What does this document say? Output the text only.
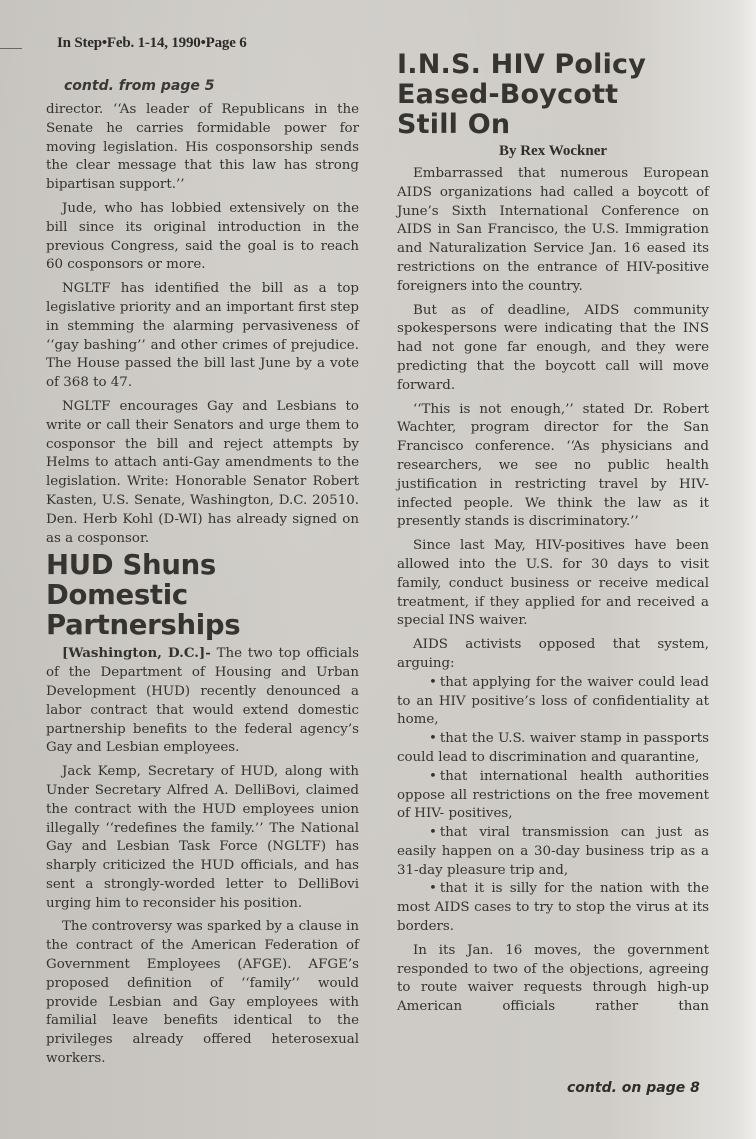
In Step•Feb. 1-14, 1990•Page 6
contd. from page 5

director. ‘‘As leader of Republicans in the Senate he carries formidable power for moving legislation. His cosponsorship sends the clear message that this law has strong bipartisan support.’’

Jude, who has lobbied extensively on the bill since its original introduction in the previous Congress, said the goal is to reach 60 cosponsors or more.

NGLTF has identified the bill as a top legislative priority and an important first step in stemming the alarming pervasiveness of ‘‘gay bashing’’ and other crimes of prejudice. The House passed the bill last June by a vote of 368 to 47.

NGLTF encourages Gay and Lesbians to write or call their Senators and urge them to cosponsor the bill and reject attempts by Helms to attach anti-Gay amendments to the legislation. Write: Honorable Senator Robert Kasten, U.S. Senate, Washington, D.C. 20510. Den. Herb Kohl (D-WI) has already signed on as a cosponsor.

HUD Shuns Domestic Partnerships

[Washington, D.C.]- The two top officials of the Department of Housing and Urban Development (HUD) recently denounced a labor contract that would extend domestic partnership benefits to the federal agency’s Gay and Lesbian employees.

Jack Kemp, Secretary of HUD, along with Under Secretary Alfred A. DelliBovi, claimed the contract with the HUD employees union illegally ‘‘redefines the family.’’ The National Gay and Lesbian Task Force (NGLTF) has sharply criticized the HUD officials, and has sent a strongly-worded letter to DelliBovi urging him to reconsider his position.

The controversy was sparked by a clause in the contract of the American Federation of Government Employees (AFGE). AFGE’s proposed definition of ‘‘family’’ would provide Lesbian and Gay employees with familial leave benefits identical to the privileges already offered heterosexual workers.

I.N.S. HIV Policy Eased-Boycott Still On
By Rex Wockner

Embarrassed that numerous European AIDS organizations had called a boycott of June’s Sixth International Conference on AIDS in San Francisco, the U.S. Immigration and Naturalization Service Jan. 16 eased its restrictions on the entrance of HIV-positive foreigners into the country.

But as of deadline, AIDS community spokespersons were indicating that the INS had not gone far enough, and they were predicting that the boycott call will move forward.

‘‘This is not enough,’’ stated Dr. Robert Wachter, program director for the San Francisco conference. ‘‘As physicians and researchers, we see no public health justification in restricting travel by HIV-infected people. We think the law as it presently stands is discriminatory.’’

Since last May, HIV-positives have been allowed into the U.S. for 30 days to visit family, conduct business or receive medical treatment, if they applied for and received a special INS waiver.

AIDS activists opposed that system, arguing:

• that applying for the waiver could lead to an HIV positive’s loss of confidentiality at home,

• that the U.S. waiver stamp in passports could lead to discrimination and quarantine,

• that international health authorities oppose all restrictions on the free movement of HIV- positives,

• that viral transmission can just as easily happen on a 30-day business trip as a 31-day pleasure trip and,

• that it is silly for the nation with the most AIDS cases to try to stop the virus at its borders.

In its Jan. 16 moves, the government responded to two of the objections, agreeing to route waiver requests through high-up American officials rather than

contd. on page 8
